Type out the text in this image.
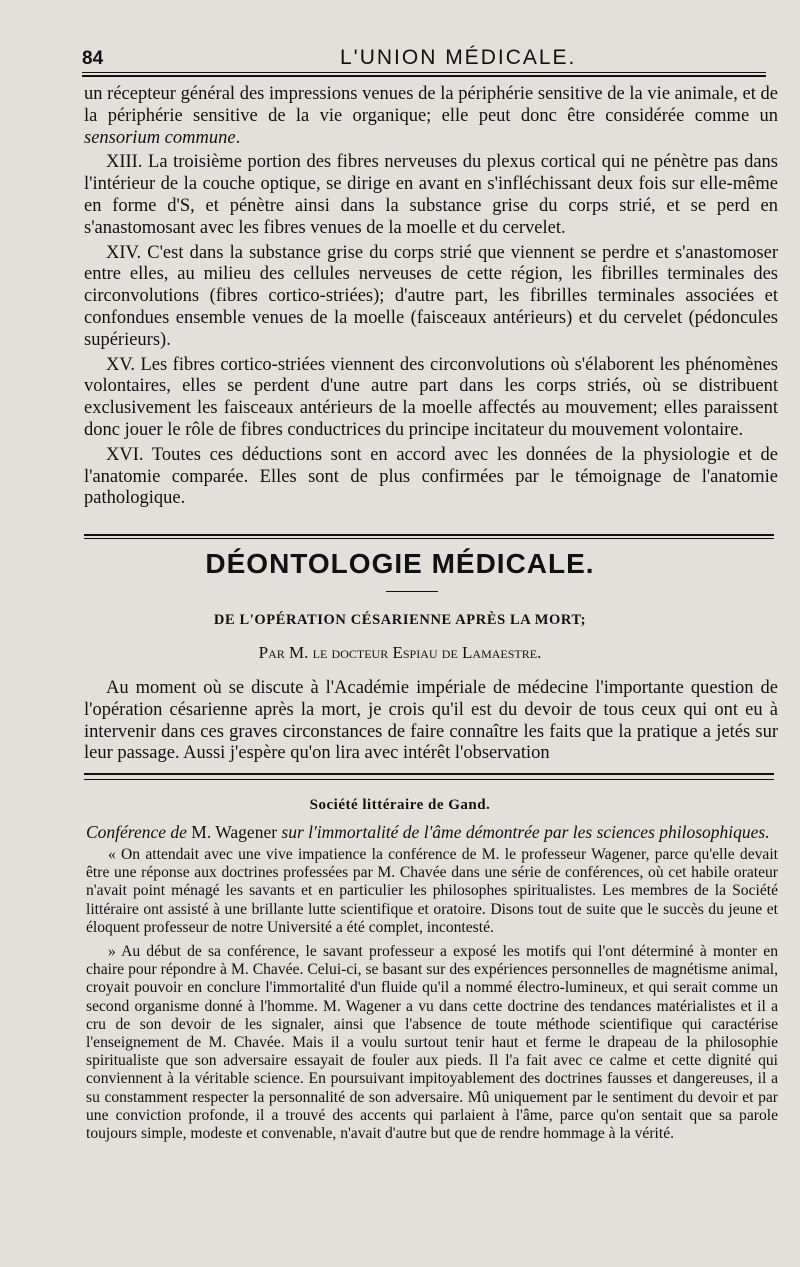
84	L'UNION MÉDICALE.

un récepteur général des impressions venues de la périphérie sensitive de la vie animale, et de la périphérie sensitive de la vie organique; elle peut donc être considérée comme un sensorium commune.

XIII. La troisième portion des fibres nerveuses du plexus cortical qui ne pénètre pas dans l'intérieur de la couche optique, se dirige en avant en s'infléchissant deux fois sur elle-même en forme d'S, et pénètre ainsi dans la substance grise du corps strié, et se perd en s'anastomosant avec les fibres venues de la moelle et du cervelet.

XIV. C'est dans la substance grise du corps strié que viennent se perdre et s'anastomoser entre elles, au milieu des cellules nerveuses de cette région, les fibrilles terminales des circonvolutions (fibres cortico-striées); d'autre part, les fibrilles terminales associées et confondues ensemble venues de la moelle (faisceaux antérieurs) et du cervelet (pédoncules supérieurs).

XV. Les fibres cortico-striées viennent des circonvolutions où s'élaborent les phénomènes volontaires, elles se perdent d'une autre part dans les corps striés, où se distribuent exclusivement les faisceaux antérieurs de la moelle affectés au mouvement; elles paraissent donc jouer le rôle de fibres conductrices du principe incitateur du mouvement volontaire.

XVI. Toutes ces déductions sont en accord avec les données de la physiologie et de l'anatomie comparée. Elles sont de plus confirmées par le témoignage de l'anatomie pathologique.

DÉONTOLOGIE MÉDICALE.
DE L'OPÉRATION CÉSARIENNE APRÈS LA MORT;
Par M. le docteur Espiau de Lamaestre.

Au moment où se discute à l'Académie impériale de médecine l'importante question de l'opération césarienne après la mort, je crois qu'il est du devoir de tous ceux qui ont eu à intervenir dans ces graves circonstances de faire connaître les faits que la pratique a jetés sur leur passage. Aussi j'espère qu'on lira avec intérêt l'observation

Société littéraire de Gand.
Conférence de M. Wagener sur l'immortalité de l'âme démontrée par les sciences philosophiques.

« On attendait avec une vive impatience la conférence de M. le professeur Wagener, parce qu'elle devait être une réponse aux doctrines professées par M. Chavée dans une série de conférences, où cet habile orateur n'avait point ménagé les savants et en particulier les philosophes spiritualistes. Les membres de la Société littéraire ont assisté à une brillante lutte scientifique et oratoire. Disons tout de suite que le succès du jeune et éloquent professeur de notre Université a été complet, incontesté.

» Au début de sa conférence, le savant professeur a exposé les motifs qui l'ont déterminé à monter en chaire pour répondre à M. Chavée. Celui-ci, se basant sur des expériences personnelles de magnétisme animal, croyait pouvoir en conclure l'immortalité d'un fluide qu'il a nommé électro-lumineux, et qui serait comme un second organisme donné à l'homme. M. Wagener a vu dans cette doctrine des tendances matérialistes et il a cru de son devoir de les signaler, ainsi que l'absence de toute méthode scientifique qui caractérise l'enseignement de M. Chavée. Mais il a voulu surtout tenir haut et ferme le drapeau de la philosophie spiritualiste que son adversaire essayait de fouler aux pieds. Il l'a fait avec ce calme et cette dignité qui conviennent à la véritable science. En poursuivant impitoyablement des doctrines fausses et dangereuses, il a su constamment respecter la personnalité de son adversaire. Mû uniquement par le sentiment du devoir et par une conviction profonde, il a trouvé des accents qui parlaient à l'âme, parce qu'on sentait que sa parole toujours simple, modeste et convenable, n'avait d'autre but que de rendre hommage à la vérité.
